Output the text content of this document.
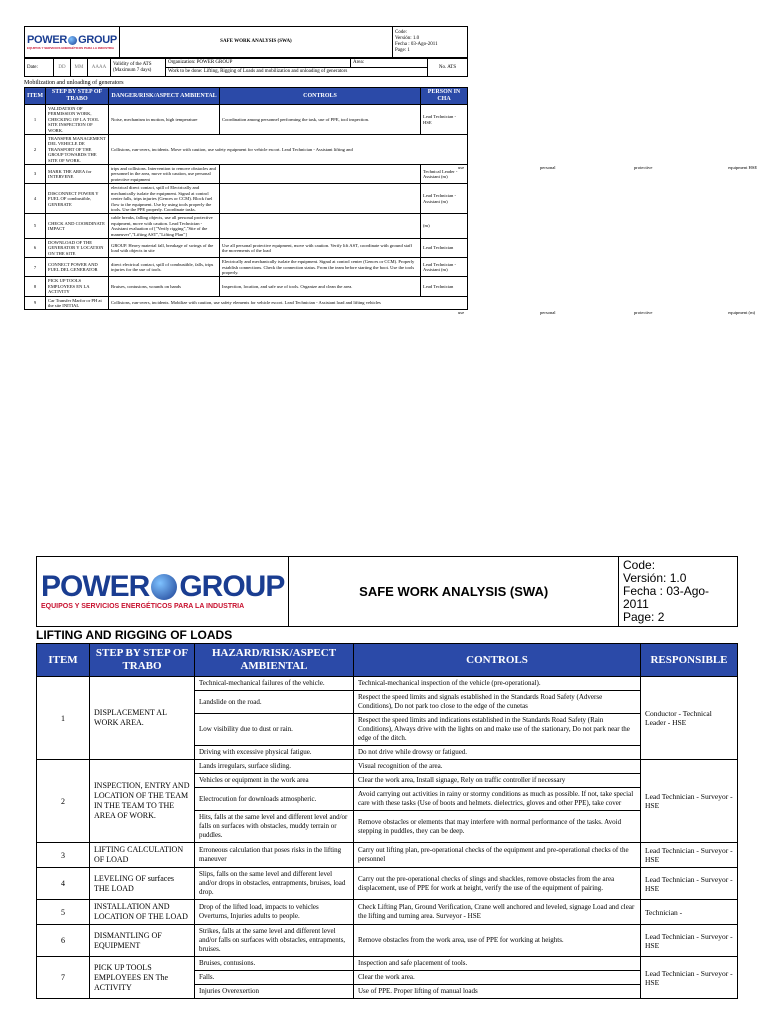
POWER GROUP
EQUIPOS Y SERVICIOS ENERGÉTICOS PARA LA INDUSTRIA
	SAFE WORK ANALYSIS (SWA)	
Code:
Versión: 1.0
Fecha : 03-Ago-2011
Page: 1
Date:	DD	MM	AAAA	Validity of the ATS (Maximum 7 days)	Organization: POWER GROUP	Area:	No. ATS
Work to be done: Lifting, Rigging of Loads and mobilization and unloading of generators
Mobilization and unloading of generators
ITEM	STEP BY STEP OF TRABO	DANGER/RISK/ASPECT AMBIENTAL	CONTROLS	PERSON IN CHA
1	VALIDATION OF PERMISSION WORK, CHECKING OF LA TOOL SITE INSPECTION OF WORK.	Noise, mechanism in motion, high temperature	Coordination among personnel performing the task, use of PPE, tool inspection.	Lead Technician - HSE
2	TRANSFER MANAGEMENT DEL VEHICLE DE TRANSPORT OF THE GROUP TOWARDS THE SITE OF WORK.	Collisions, run-overs, incidents. Move with caution, use safety equipment for vehicle escort. Lead Technician - Assistant lifting and		
3	MARK THE AREA for INTERVENE	trips and collisions. Intervention to remove obstacles and personnel in the area, move with caution, use personal protective equipment		Technical Leader - Assistant (m)
4	DISCONNECT POWER Y FUEL OF combustible, GENERATE	electrical direct contact, spill of Electrically and mechanically isolate the equipment. Signal at control center falls, trips injuries (Gences or CCM). Block fuel flow to the equipment. Use by using tools properly the tools. Use the PPE properly. Coordinate tasks.		Lead Technician - Assistant (m)
5	CHECK AND COORDINATE IMPACT	cable breaks, falling objects, use all personal protective equipment, move with caution. Lead Technician - Assistant evaluation of ["Verify rigging","Site of the maneuver","Lifting AST","Lifting Plan"]		(m)
6	DOWNLOAD OF THE GENERATOR Y LOCATION ON THE SITE	GROUP. Heavy material fall, breakage of swings of the load with objects in site	Use all personal protective equipment, move with caution. Verify lift AST, coordinate with ground staff the movements of the load	Lead Technician
7	CONNECT POWER AND FUEL DEL GENERATOR	direct electrical contact, spill of combustible, falls, trips injuries for the use of tools.	Electrically and mechanically isolate the equipment. Signal at control center (Gences or CCM). Properly establish connections. Check the connection status. From the team before starting the boot. Use the tools properly.	Lead Technician - Assistant (m)
8	PICK UP TOOLS EMPLOYEES EN LA ACTIVITY	Bruises, contusions, wounds on hands	Inspection, location, and safe use of tools. Organize and clean the area.	Lead Technician
9	Car Transfer Marfor or PH at the site INITIAL	Collisions, run-overs, incidents. Mobilize with caution, use safety elements for vehicle escort. Lead Technician - Assistant load and lifting vehicles		
use	personal	protective	equipment HSE
use	personal	protective	equipment (m)
POWER GROUP
EQUIPOS Y SERVICIOS ENERGÉTICOS PARA LA INDUSTRIA
	SAFE WORK ANALYSIS (SWA)	
Code:
Versión: 1.0
Fecha : 03-Ago-2011
Page: 2
LIFTING AND RIGGING OF LOADS
ITEM	STEP BY STEP OF TRABO	HAZARD/RISK/ASPECT AMBIENTAL	CONTROLS	RESPONSIBLE
1	DISPLACEMENT AL WORK AREA.	Technical-mechanical failures of the vehicle.	Technical-mechanical inspection of the vehicle (pre-operational).	Conductor - Technical Leader - HSE
		Landslide on the road.	Respect the speed limits and signals established in the Standards Road Safety (Adverse Conditions), Do not park too close to the edge of the cunetas	
		Low visibility due to dust or rain.	Respect the speed limits and indications established in the Standards Road Safety (Rain Conditions), Always drive with the lights on and make use of the stationary, Do not park near the edge of the ditch.	
		Driving with excessive physical fatigue.	Do not drive while drowsy or fatigued.	
2	INSPECTION, ENTRY AND LOCATION OF THE TEAM IN THE TEAM TO THE AREA OF WORK.	Lands irregulars, surface sliding.	Visual recognition of the area.	Lead Technician - Surveyor - HSE
		Vehicles or equipment in the work area	Clear the work area, Install signage, Rely on traffic controller if necessary	
		Electrocution for downloads atmospheric.	Avoid carrying out activities in rainy or stormy conditions as much as possible. If not, take special care with these tasks (Use of boots and helmets. dielectrics, gloves and other PPE), take cover	
		Hits, falls at the same level and different level and/or falls on surfaces with obstacles, muddy terrain or puddles.	Remove obstacles or elements that may interfere with normal performance of the tasks. Avoid stepping in puddles, they can be deep.	
3	LIFTING CALCULATION OF LOAD	Erroneous calculation that poses risks in the lifting maneuver	Carry out lifting plan, pre-operational checks of the equipment and pre-operational checks of the personnel	Lead Technician - Surveyor - HSE
4	LEVELING OF surfaces THE LOAD	Slips, falls on the same level and different level and/or drops in obstacles, entrapments, bruises, load drop.	Carry out the pre-operational checks of slings and shackles, remove obstacles from the area displacement, use of PPE for work at height, verify the use of the equipment of pairing.	Lead Technician - Surveyor - HSE
5	INSTALLATION AND LOCATION OF THE LOAD	Drop of the lifted load, impacts to vehicles Overturns, Injuries adults to people.	Check Lifting Plan, Ground Verification, Crane well anchored and leveled, signage Load and clear the lifting and turning area. Surveyor - HSE	Technician -
6	DISMANTLING OF EQUIPMENT	Strikes, falls at the same level and different level and/or falls on surfaces with obstacles, entrapments, bruises.	Remove obstacles from the work area, use of PPE for working at heights.	Lead Technician - Surveyor - HSE
7	PICK UP TOOLS EMPLOYEES EN The ACTIVITY	Bruises, contusions.	Inspection and safe placement of tools.	Lead Technician - Surveyor - HSE
		Falls.	Clear the work area.	
		Injuries Overexertion	Use of PPE. Proper lifting of manual loads	
